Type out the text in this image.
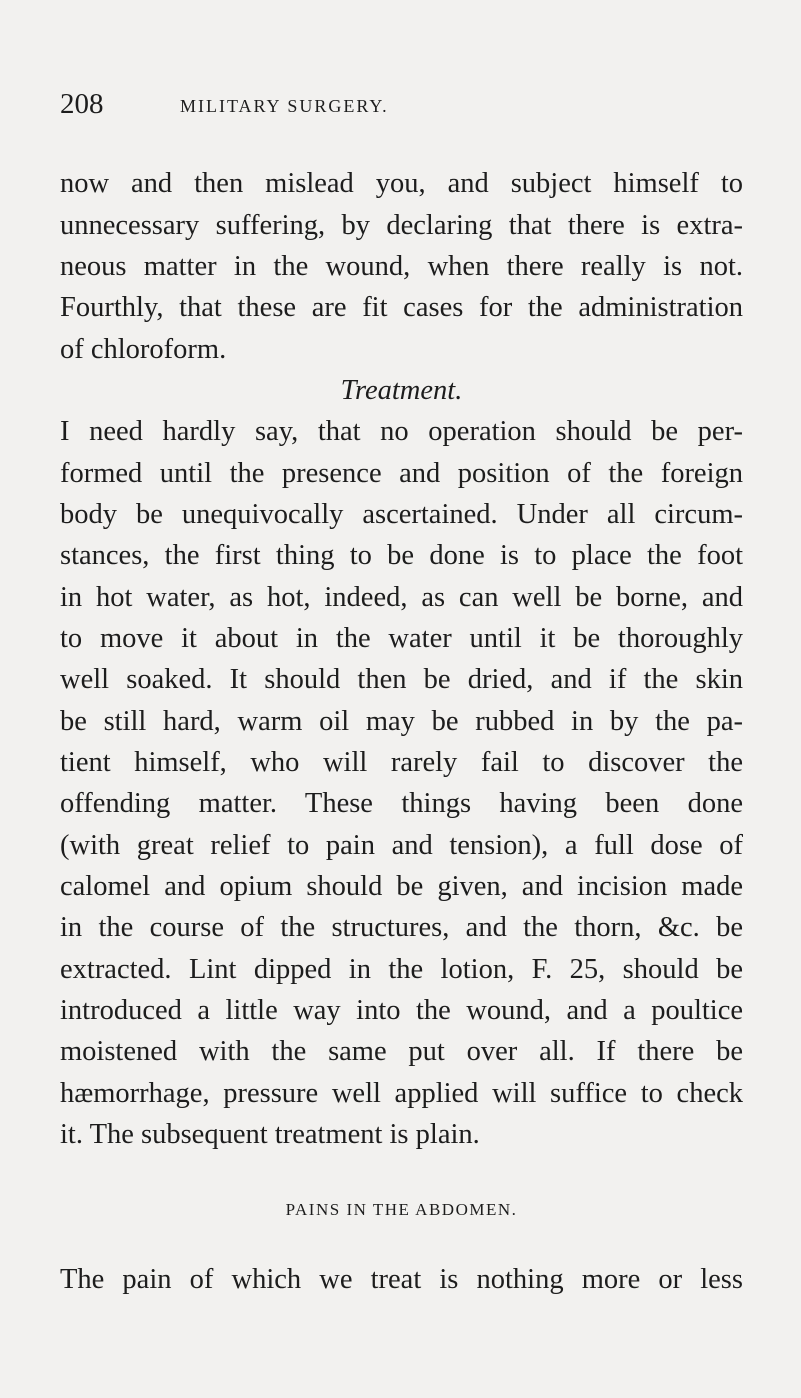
208	MILITARY SURGERY.
now and then mislead you, and subject himself to
unnecessary suffering, by declaring that there is extra-
neous matter in the wound, when there really is not.
Fourthly, that these are fit cases for the administration
of chloroform.
Treatment.
I need hardly say, that no operation should be per-
formed until the presence and position of the foreign
body be unequivocally ascertained. Under all circum-
stances, the first thing to be done is to place the foot
in hot water, as hot, indeed, as can well be borne, and
to move it about in the water until it be thoroughly
well soaked. It should then be dried, and if the skin
be still hard, warm oil may be rubbed in by the pa-
tient himself, who will rarely fail to discover the
offending matter. These things having been done
(with great relief to pain and tension), a full dose of
calomel and opium should be given, and incision made
in the course of the structures, and the thorn, &c. be
extracted. Lint dipped in the lotion, F. 25, should be
introduced a little way into the wound, and a poultice
moistened with the same put over all. If there be
hæmorrhage, pressure well applied will suffice to check
it. The subsequent treatment is plain.
PAINS IN THE ABDOMEN.
The pain of which we treat is nothing more or less
